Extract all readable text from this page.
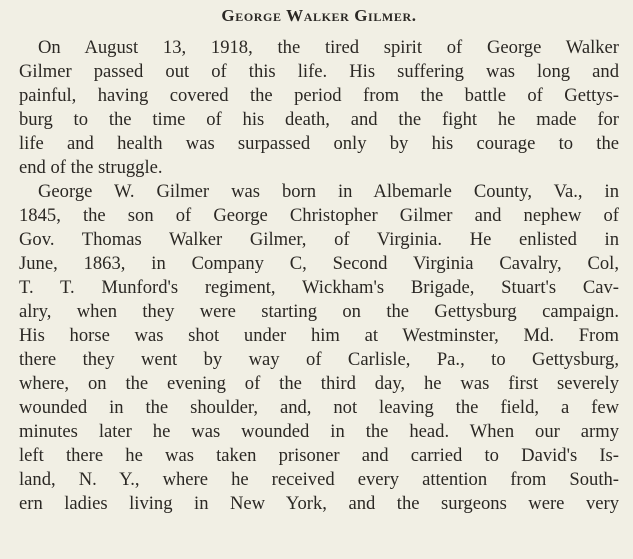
George Walker Gilmer.

On August 13, 1918, the tired spirit of George Walker
Gilmer passed out of this life. His suffering was long and
painful, having covered the period from the battle of Gettys-
burg to the time of his death, and the fight he made for
life and health was surpassed only by his courage to the
end of the struggle.

George W. Gilmer was born in Albemarle County, Va., in
1845, the son of George Christopher Gilmer and nephew of
Gov. Thomas Walker Gilmer, of Virginia. He enlisted in
June, 1863, in Company C, Second Virginia Cavalry, Col,
T. T. Munford's regiment, Wickham's Brigade, Stuart's Cav-
alry, when they were starting on the Gettysburg campaign.
His horse was shot under him at Westminster, Md. From
there they went by way of Carlisle, Pa., to Gettysburg,
where, on the evening of the third day, he was first severely
wounded in the shoulder, and, not leaving the field, a few
minutes later he was wounded in the head. When our army
left there he was taken prisoner and carried to David's Is-
land, N. Y., where he received every attention from South-
ern ladies living in New York, and the surgeons were very
